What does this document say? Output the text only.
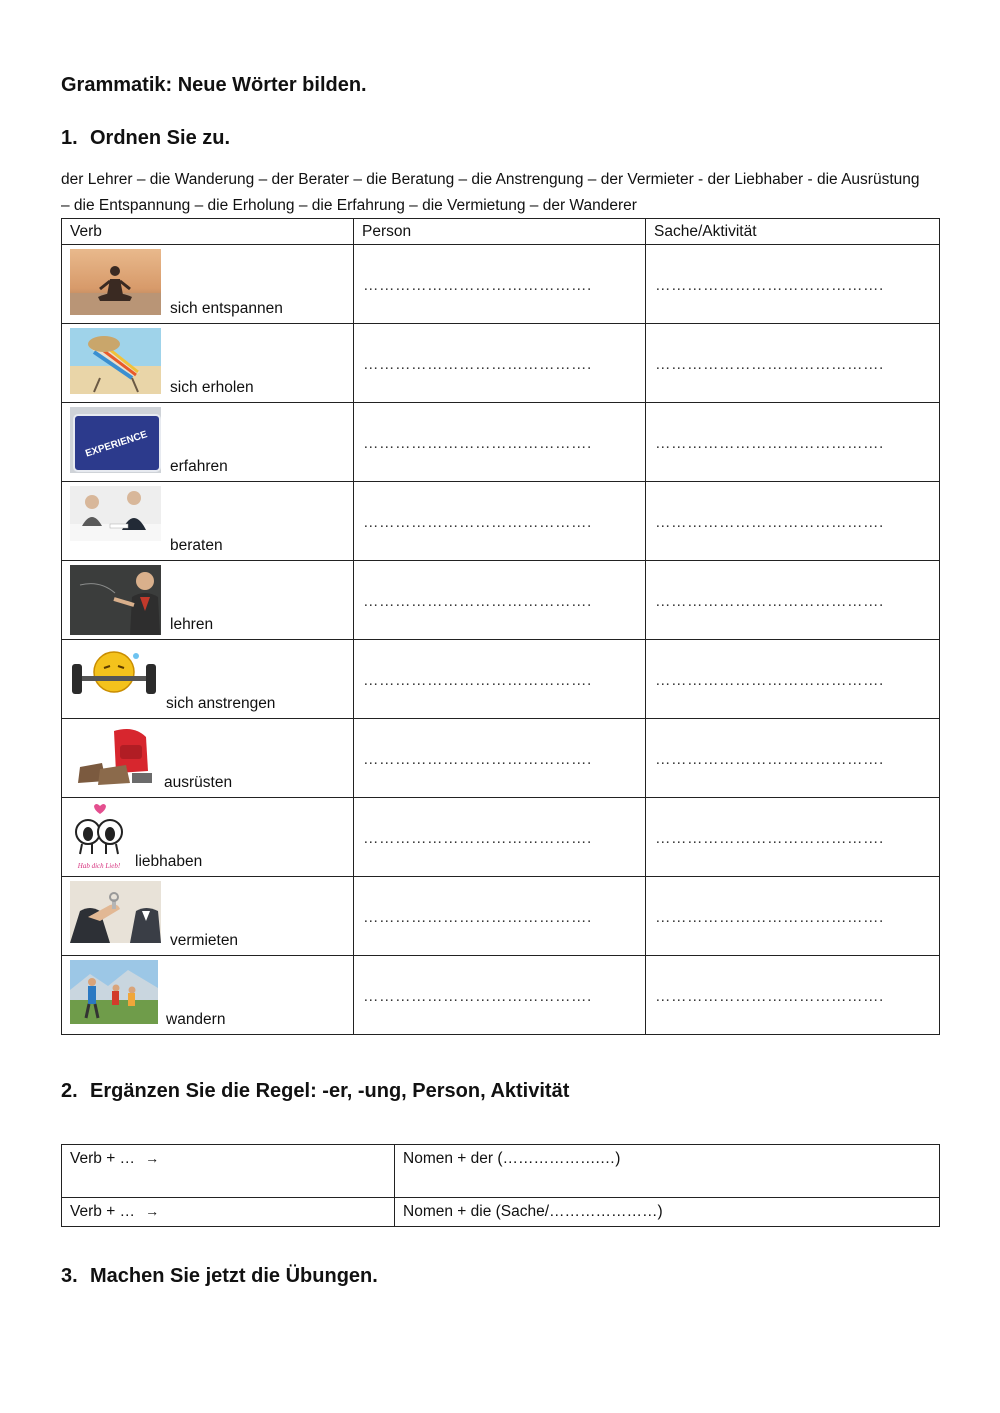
Grammatik: Neue Wörter bilden.
1. Ordnen Sie zu.
der Lehrer – die Wanderung – der Berater – die Beratung – die Anstrengung – der Vermieter - der Liebhaber - die Ausrüstung
– die Entspannung – die Erholung – die Erfahrung – die Vermietung – der Wanderer
Verb	Person	Sache/Aktivität

sich entspannen	…………………………………….	…………………………………….

sich erholen	…………………………………….	…………………………………….

EXPERIENCE
erfahren	…………………………………….	…………………………………….

beraten	…………………………………….	…………………………………….

lehren	…………………………………….	…………………………………….

sich anstrengen	…………………………………….	…………………………………….

ausrüsten	…………………………………….	…………………………………….

Hab dich Lieb! liebhaben	…………………………………….	…………………………………….

vermieten	…………………………………….	…………………………………….

wandern	…………………………………….	…………………………………….
2. Ergänzen Sie die Regel: -er, -ung, Person, Aktivität
Verb + … →	Nomen + der (……………….…)
Verb + … →	Nomen + die (Sache/…………………)
3. Machen Sie jetzt die Übungen.
